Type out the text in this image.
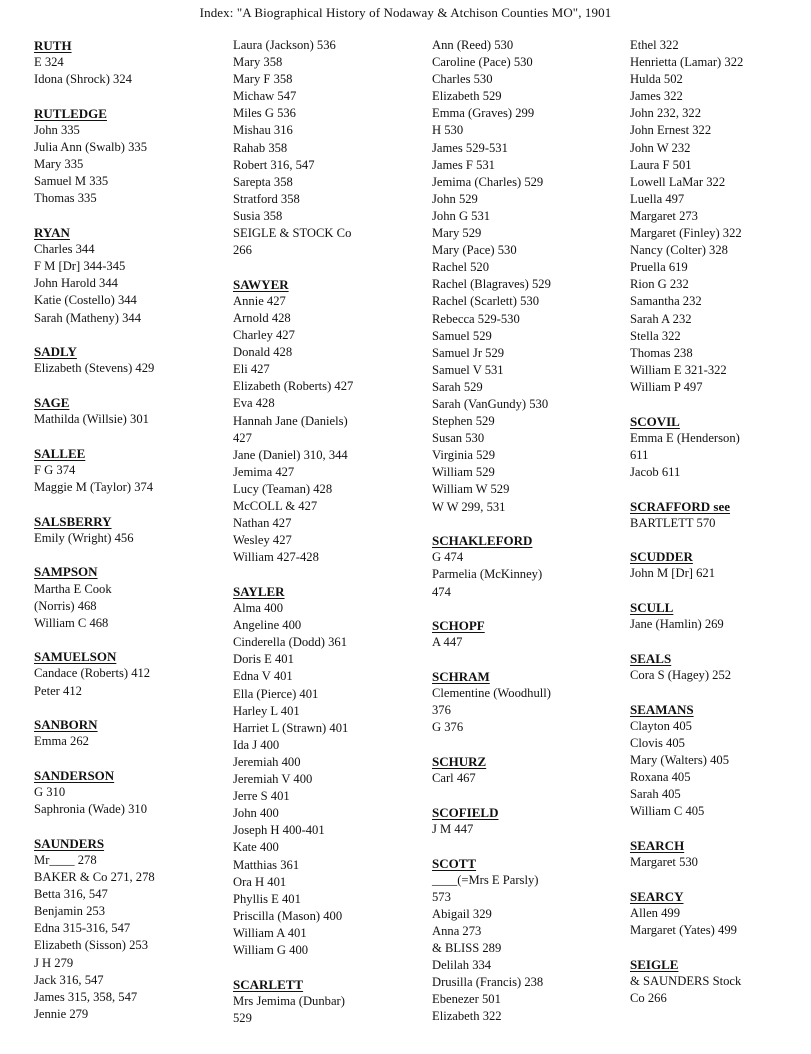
Index: "A Biographical History of Nodaway & Atchison Counties MO", 1901
RUTH
E 324
Idona (Shrock) 324
RUTLEDGE
John 335
Julia Ann (Swalb) 335
Mary 335
Samuel M 335
Thomas 335
RYAN
Charles 344
F M [Dr] 344-345
John Harold 344
Katie (Costello) 344
Sarah (Matheny) 344
SADLY
Elizabeth (Stevens) 429
SAGE
Mathilda (Willsie) 301
SALLEE
F G 374
Maggie M (Taylor) 374
SALSBERRY
Emily (Wright) 456
SAMPSON
Martha E Cook
(Norris) 468
William C 468
SAMUELSON
Candace (Roberts) 412
Peter 412
SANBORN
Emma 262
SANDERSON
G 310
Saphronia (Wade) 310
SAUNDERS
Mr____ 278
BAKER & Co 271, 278
Betta 316, 547
Benjamin 253
Edna 315-316, 547
Elizabeth (Sisson) 253
J H 279
Jack 316, 547
James 315, 358, 547
Jennie 279
Laura (Jackson) 536
Mary 358
Mary F 358
Michaw 547
Miles G 536
Mishau 316
Rahab 358
Robert 316, 547
Sarepta 358
Stratford 358
Susia 358
SEIGLE & STOCK Co
266
SAWYER
Annie 427
Arnold 428
Charley 427
Donald 428
Eli 427
Elizabeth (Roberts) 427
Eva 428
Hannah Jane (Daniels)
427
Jane (Daniel) 310, 344
Jemima 427
Lucy (Teaman) 428
McCOLL & 427
Nathan 427
Wesley 427
William 427-428
SAYLER
Alma 400
Angeline 400
Cinderella (Dodd) 361
Doris E 401
Edna V 401
Ella (Pierce) 401
Harley L 401
Harriet L (Strawn) 401
Ida J 400
Jeremiah 400
Jeremiah V 400
Jerre S 401
John 400
Joseph H 400-401
Kate 400
Matthias 361
Ora H 401
Phyllis E 401
Priscilla (Mason) 400
William A 401
William G 400
SCARLETT
Mrs Jemima (Dunbar)
529
Ann (Reed) 530
Caroline (Pace) 530
Charles 530
Elizabeth 529
Emma (Graves) 299
H 530
James 529-531
James F 531
Jemima (Charles) 529
John 529
John G 531
Mary 529
Mary (Pace) 530
Rachel 520
Rachel (Blagraves) 529
Rachel (Scarlett) 530
Rebecca 529-530
Samuel 529
Samuel Jr 529
Samuel V 531
Sarah 529
Sarah (VanGundy) 530
Stephen 529
Susan 530
Virginia 529
William 529
William W 529
W W 299, 531
SCHAKLEFORD
G 474
Parmelia (McKinney)
474
SCHOPF
A 447
SCHRAM
Clementine (Woodhull)
376
G 376
SCHURZ
Carl 467
SCOFIELD
J M 447
SCOTT
____(=Mrs E Parsly)
573
Abigail 329
Anna 273
& BLISS 289
Delilah 334
Drusilla (Francis) 238
Ebenezer 501
Elizabeth 322
Ethel 322
Henrietta (Lamar) 322
Hulda 502
James 322
John 232, 322
John Ernest 322
John W 232
Laura F 501
Lowell LaMar 322
Luella 497
Margaret 273
Margaret (Finley) 322
Nancy (Colter) 328
Pruella 619
Rion G 232
Samantha 232
Sarah A 232
Stella 322
Thomas 238
William E 321-322
William P 497
SCOVIL
Emma E (Henderson)
611
Jacob 611
SCRAFFORD see
BARTLETT 570
SCUDDER
John M [Dr] 621
SCULL
Jane (Hamlin) 269
SEALS
Cora S (Hagey) 252
SEAMANS
Clayton 405
Clovis 405
Mary (Walters) 405
Roxana 405
Sarah 405
William C 405
SEARCH
Margaret 530
SEARCY
Allen 499
Margaret (Yates) 499
SEIGLE
& SAUNDERS Stock
Co 266
